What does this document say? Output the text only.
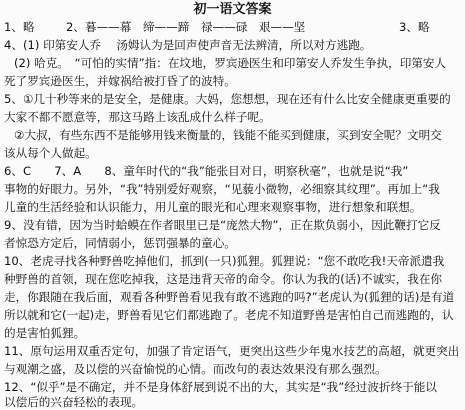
初一语文答案
1、略	2、暮——幕　缔——蹄　禄——碌　艰——坚	3、略
4、(1) 印第安人乔　 汤姆认为是回声使声音无法辨清，所以对方逃跑。
(2) 哈克。　“可怕的实情”指：在坟地，罗宾逊医生和印第安人乔发生争执，印第安人
死了罗宾逊医生，并嫁祸给被打昏了的波特。
5、①几十秒等来的是安全，是健康。大妈，您想想，现在还有什么比安全健康更重要的
大家不都不愿意等，那这马路上该乱成什么样子呢。
②大叔，有些东西不是能够用钱来衡量的，钱能不能买到健康，买到安全呢？文明交
该从每个人做起。
6、C　　7、A　　8、童年时代的“我”能张目对日，明察秋毫”，也就是说“我”
事物的好眼力。另外，“我”特别爱好观察，“见藐小微物，必细察其纹理”。再加上“我
儿童的生活经验和认识能力，用儿童的眼光和心理来观察事物，进行想象和联想。
9、没有错，因为当时蛤蟆在作者眼里已是“庞然大物”，正在欺负弱小，因此鞭打它反
者惊恐方定后，同情弱小，惩罚强暴的童心。
10、老虎寻找各种野兽吃掉他们，抓到(一只)狐狸。狐狸说：“您不敢吃我!天帝派遣我
种野兽的首领，现在您吃掉我，这是违背天帝的命令。你认为我的(话)不诚实，我在你
走，你跟随在我后面，观看各种野兽看见我有敢不逃跑的吗?”老虎认为(狐狸的话)是有道
所以就和它(一起)走，野兽看见它们都逃跑了。老虎不知道野兽是害怕自己而逃跑的，认
的是害怕狐狸。
11、原句运用双重否定句，加强了肯定语气，更突出这些少年鬼水技艺的高超，就更突出
与观潮之盛，及以偿的兴奋愉悦的心情。而改句的表达效果没有那么强烈。
12、“似乎”是不确定，并不是身体舒展到说不出的大，其实是“我”经过波折终于能以
以偿后的兴奋轻松的表现。
